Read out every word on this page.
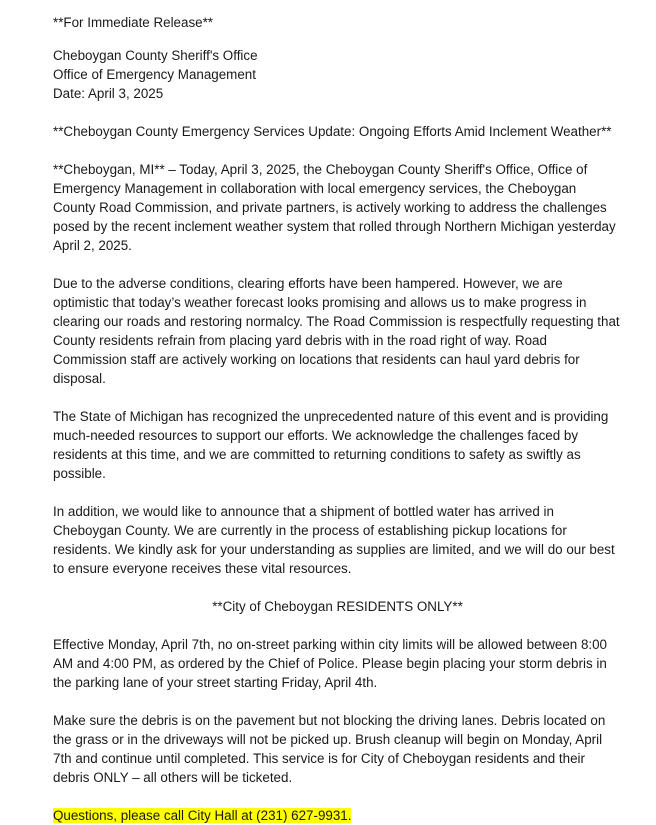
**For Immediate Release**

Cheboygan County Sheriff's Office
Office of Emergency Management
Date: April 3, 2025

**Cheboygan County Emergency Services Update: Ongoing Efforts Amid Inclement Weather**

**Cheboygan, MI** – Today, April 3, 2025, the Cheboygan County Sheriff's Office, Office of Emergency Management in collaboration with local emergency services, the Cheboygan County Road Commission, and private partners, is actively working to address the challenges posed by the recent inclement weather system that rolled through Northern Michigan yesterday April 2, 2025.

Due to the adverse conditions, clearing efforts have been hampered. However, we are optimistic that today’s weather forecast looks promising and allows us to make progress in clearing our roads and restoring normalcy. The Road Commission is respectfully requesting that County residents refrain from placing yard debris with in the road right of way. Road Commission staff are actively working on locations that residents can haul yard debris for disposal.

The State of Michigan has recognized the unprecedented nature of this event and is providing much-needed resources to support our efforts. We acknowledge the challenges faced by residents at this time, and we are committed to returning conditions to safety as swiftly as possible.

In addition, we would like to announce that a shipment of bottled water has arrived in Cheboygan County. We are currently in the process of establishing pickup locations for residents. We kindly ask for your understanding as supplies are limited, and we will do our best to ensure everyone receives these vital resources.

**City of Cheboygan RESIDENTS ONLY**

Effective Monday, April 7th, no on-street parking within city limits will be allowed between 8:00 AM and 4:00 PM, as ordered by the Chief of Police. Please begin placing your storm debris in the parking lane of your street starting Friday, April 4th.

Make sure the debris is on the pavement but not blocking the driving lanes. Debris located on the grass or in the driveways will not be picked up. Brush cleanup will begin on Monday, April 7th and continue until completed. This service is for City of Cheboygan residents and their debris ONLY – all others will be ticketed.

Questions, please call City Hall at (231) 627-9931.
